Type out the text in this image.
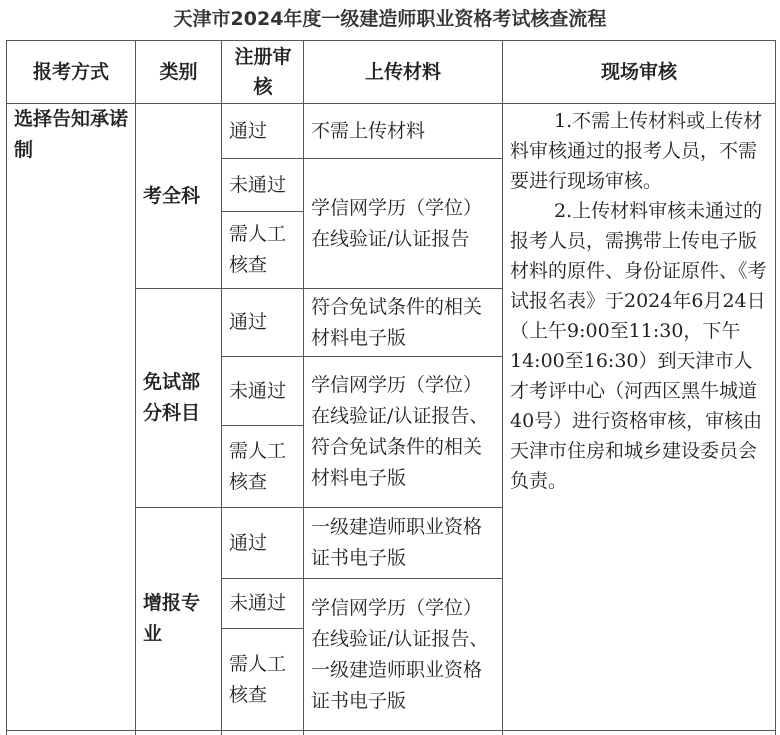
天津市2024年度一级建造师职业资格考试核查流程
报考方式	类别
注册审核
上传材料	现场审核
选择告知承诺制
考全科
免试部分科目
增报专业
通过
未通过
需人工核查
通过
未通过
需人工核查
通过
未通过
需人工核查
不需上传材料
学信网学历（学位）在线验证/认证报告
符合免试条件的相关材料电子版
学信网学历（学位）在线验证/认证报告、符合免试条件的相关材料电子版
一级建造师职业资格证书电子版
学信网学历（学位）在线验证/认证报告、一级建造师职业资格证书电子版
　　 1.不需上传材料或上传材料审核通过的报考人员，不需要进行现场审核。
　　 2.上传材料审核未通过的报考人员，需携带上传电子版材料的原件、身份证原件、《考试报名表》于2024年6月24日（上午9:00至11:30，下午14:00至16:30）到天津市人才考评中心（河西区黑牛城道40号）进行资格审核，审核由天津市住房和城乡建设委员会负责。
